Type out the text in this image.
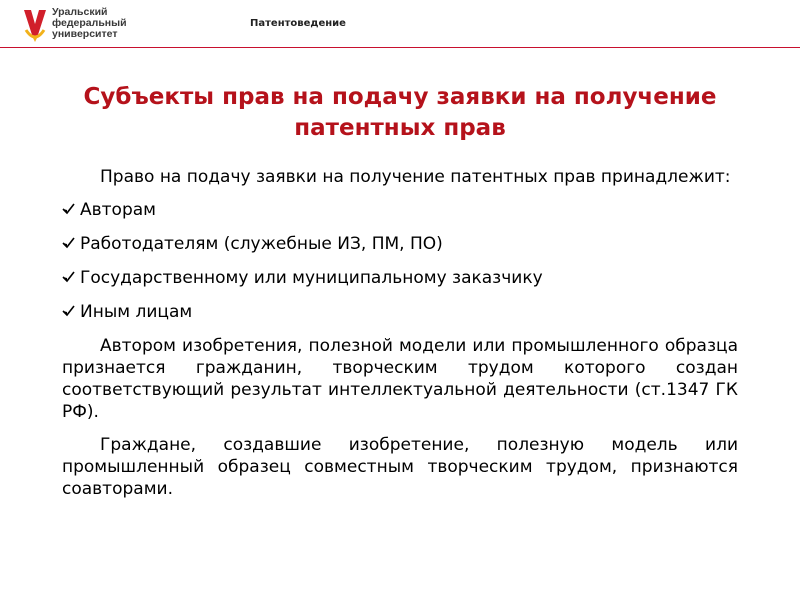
Уральский
федеральный
университет
Патентоведение
Субъекты прав на подачу заявки на получение патентных прав

Право на подачу заявки на получение патентных прав принадлежит:

Авторам
Работодателям (служебные ИЗ, ПМ, ПО)
Государственному или муниципальному заказчику
Иным лицам

Автором изобретения, полезной модели или промышленного образца признается гражданин, творческим трудом которого создан соответствующий результат интеллектуальной деятельности (ст.1347 ГК РФ).

Граждане, создавшие изобретение, полезную модель или промышленный образец совместным творческим трудом, признаются соавторами.
